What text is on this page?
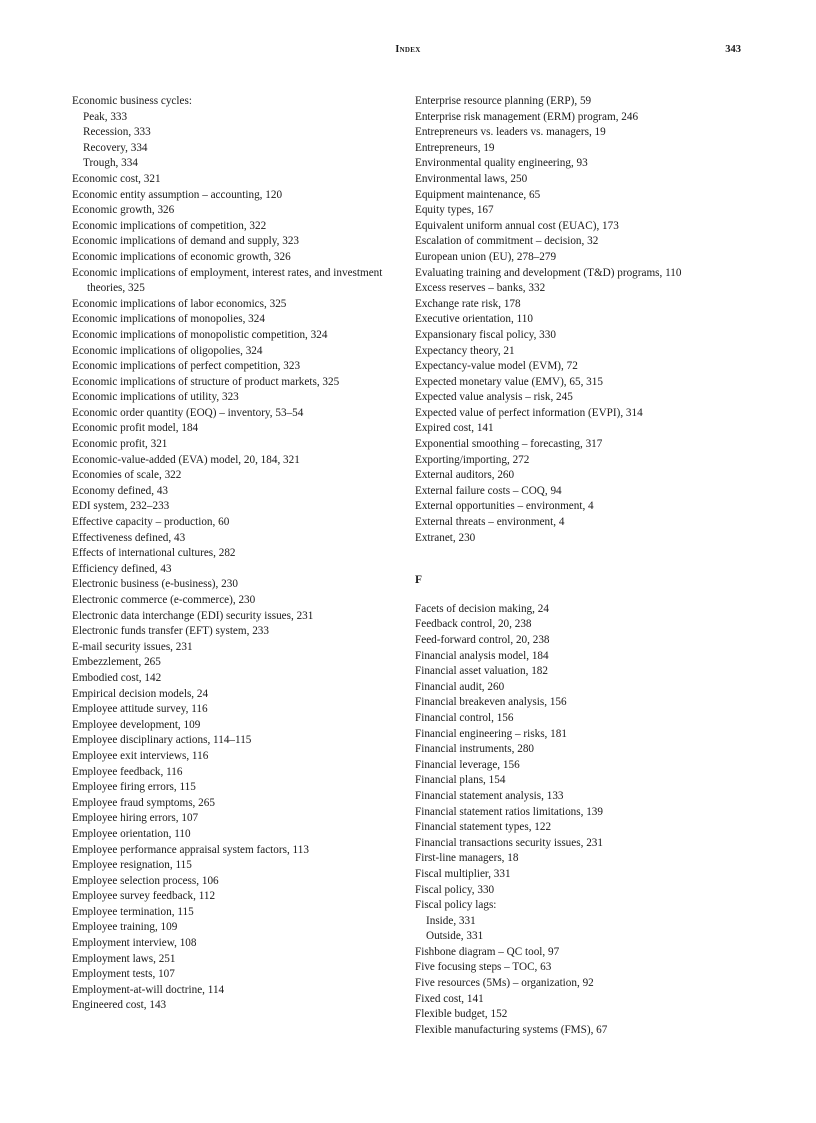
Index	343
Economic business cycles:
Peak, 333
Recession, 333
Recovery, 334
Trough, 334
Economic cost, 321
Economic entity assumption – accounting, 120
Economic growth, 326
Economic implications of competition, 322
Economic implications of demand and supply, 323
Economic implications of economic growth, 326
Economic implications of employment, interest rates, and investment theories, 325
Economic implications of labor economics, 325
Economic implications of monopolies, 324
Economic implications of monopolistic competition, 324
Economic implications of oligopolies, 324
Economic implications of perfect competition, 323
Economic implications of structure of product markets, 325
Economic implications of utility, 323
Economic order quantity (EOQ) – inventory, 53–54
Economic profit model, 184
Economic profit, 321
Economic-value-added (EVA) model, 20, 184, 321
Economies of scale, 322
Economy defined, 43
EDI system, 232–233
Effective capacity – production, 60
Effectiveness defined, 43
Effects of international cultures, 282
Efficiency defined, 43
Electronic business (e-business), 230
Electronic commerce (e-commerce), 230
Electronic data interchange (EDI) security issues, 231
Electronic funds transfer (EFT) system, 233
E-mail security issues, 231
Embezzlement, 265
Embodied cost, 142
Empirical decision models, 24
Employee attitude survey, 116
Employee development, 109
Employee disciplinary actions, 114–115
Employee exit interviews, 116
Employee feedback, 116
Employee firing errors, 115
Employee fraud symptoms, 265
Employee hiring errors, 107
Employee orientation, 110
Employee performance appraisal system factors, 113
Employee resignation, 115
Employee selection process, 106
Employee survey feedback, 112
Employee termination, 115
Employee training, 109
Employment interview, 108
Employment laws, 251
Employment tests, 107
Employment-at-will doctrine, 114
Engineered cost, 143
Enterprise resource planning (ERP), 59
Enterprise risk management (ERM) program, 246
Entrepreneurs vs. leaders vs. managers, 19
Entrepreneurs, 19
Environmental quality engineering, 93
Environmental laws, 250
Equipment maintenance, 65
Equity types, 167
Equivalent uniform annual cost (EUAC), 173
Escalation of commitment – decision, 32
European union (EU), 278–279
Evaluating training and development (T&D) programs, 110
Excess reserves – banks, 332
Exchange rate risk, 178
Executive orientation, 110
Expansionary fiscal policy, 330
Expectancy theory, 21
Expectancy-value model (EVM), 72
Expected monetary value (EMV), 65, 315
Expected value analysis – risk, 245
Expected value of perfect information (EVPI), 314
Expired cost, 141
Exponential smoothing – forecasting, 317
Exporting/importing, 272
External auditors, 260
External failure costs – COQ, 94
External opportunities – environment, 4
External threats – environment, 4
Extranet, 230
F
Facets of decision making, 24
Feedback control, 20, 238
Feed-forward control, 20, 238
Financial analysis model, 184
Financial asset valuation, 182
Financial audit, 260
Financial breakeven analysis, 156
Financial control, 156
Financial engineering – risks, 181
Financial instruments, 280
Financial leverage, 156
Financial plans, 154
Financial statement analysis, 133
Financial statement ratios limitations, 139
Financial statement types, 122
Financial transactions security issues, 231
First-line managers, 18
Fiscal multiplier, 331
Fiscal policy, 330
Fiscal policy lags:
Inside, 331
Outside, 331
Fishbone diagram – QC tool, 97
Five focusing steps – TOC, 63
Five resources (5Ms) – organization, 92
Fixed cost, 141
Flexible budget, 152
Flexible manufacturing systems (FMS), 67
